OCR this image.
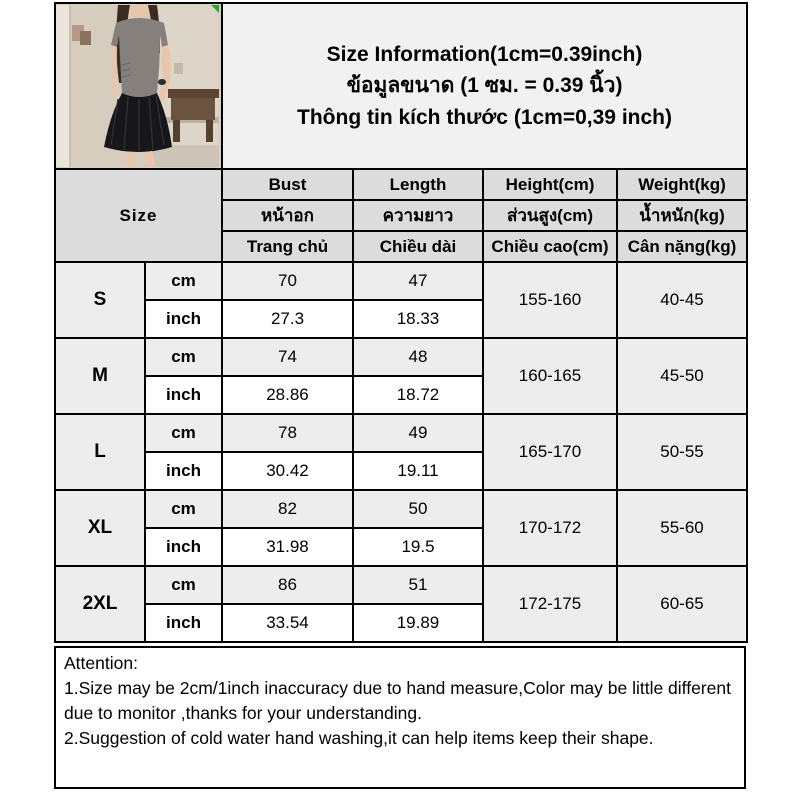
Size Information(1cm=0.39inch)
ข้อมูลขนาด (1 ซม. = 0.39 นิ้ว)
Thông tin kích thước (1cm=0,39 inch)			

Size		Bust	Length	Height(cm)	Weight(kg)
		หน้าอก	ความยาว	ส่วนสูง(cm)	น้ำหนัก(kg)
		Trang chủ	Chiều dài	Chiều cao(cm)	Cân nặng(kg)
S	cm	70	47	155-160	40-45
	inch	27.3	18.33		
M	cm	74	48	160-165	45-50
	inch	28.86	18.72		
L	cm	78	49	165-170	50-55
	inch	30.42	19.11		
XL	cm	82	50	170-172	55-60
	inch	31.98	19.5		
2XL	cm	86	51	172-175	60-65
	inch	33.54	19.89		
Attention:
1.Size may be 2cm/1inch inaccuracy due to hand measure,Color may be little different due to monitor ,thanks for your understanding.
2.Suggestion of cold water hand washing,it can help items keep their shape.
